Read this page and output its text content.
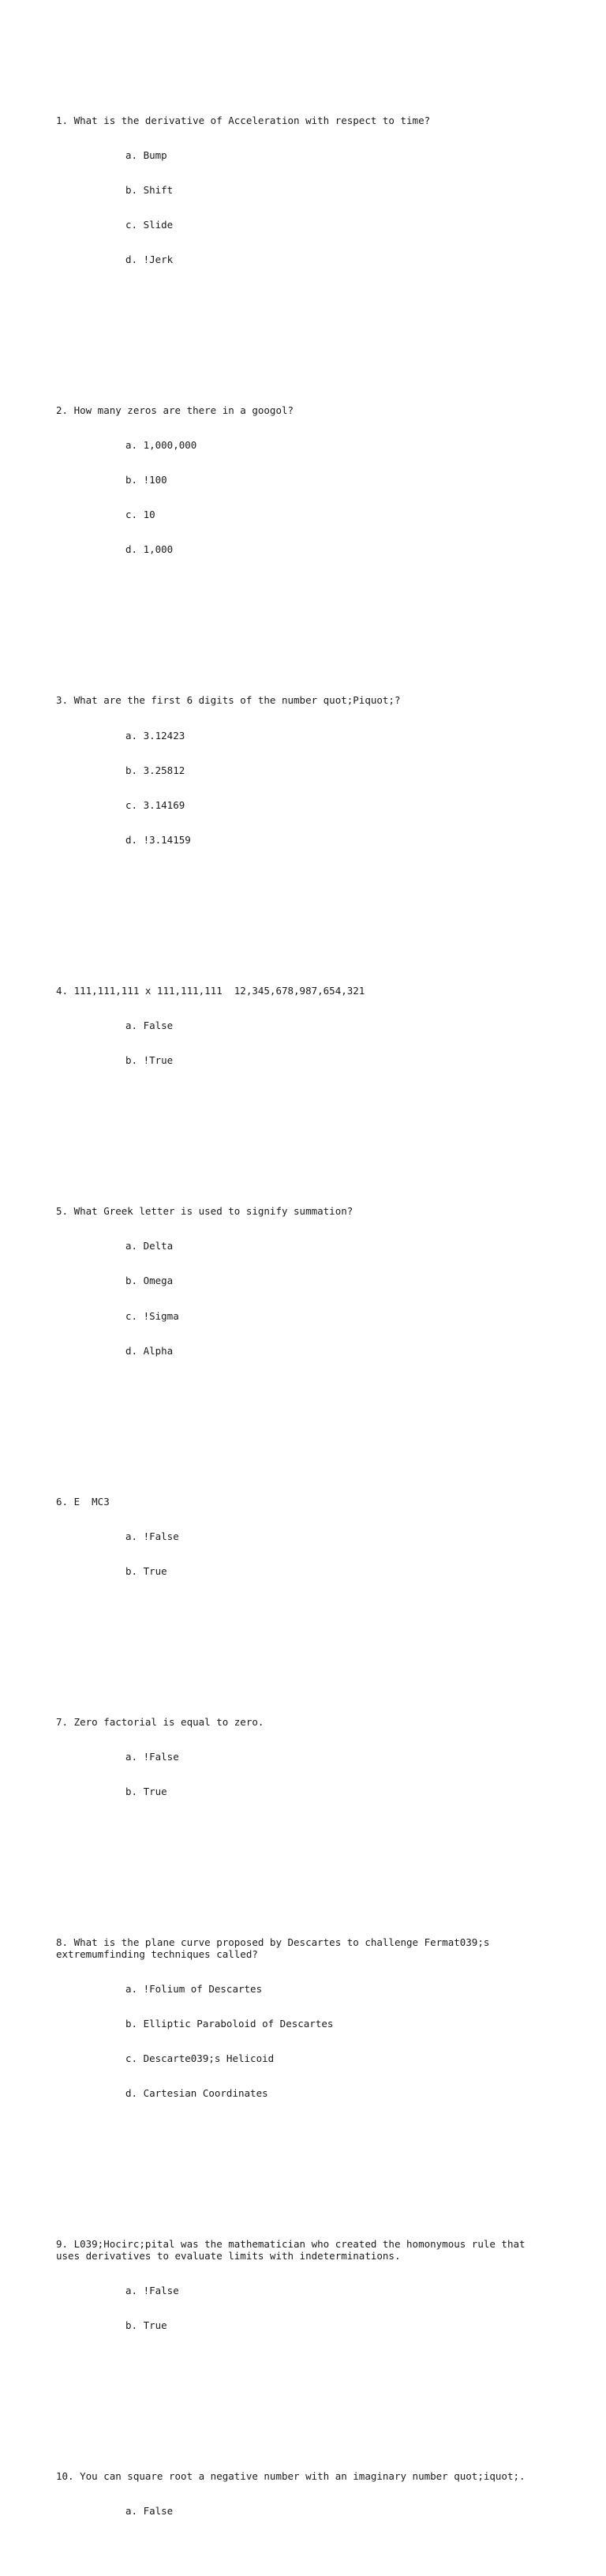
1. What is the derivative of Acceleration with respect to time?

a. Bump

b. Shift

c. Slide

d. !Jerk

2. How many zeros are there in a googol?

a. 1,000,000

b. !100

c. 10

d. 1,000

3. What are the first 6 digits of the number quot;Piquot;?

a. 3.12423

b. 3.25812

c. 3.14169

d. !3.14159

4. 111,111,111 x 111,111,111  12,345,678,987,654,321

a. False

b. !True

5. What Greek letter is used to signify summation?

a. Delta

b. Omega

c. !Sigma

d. Alpha

6. E  MC3

a. !False

b. True

7. Zero factorial is equal to zero.

a. !False

b. True

8. What is the plane curve proposed by Descartes to challenge Fermat039;s
extremumfinding techniques called?

a. !Folium of Descartes

b. Elliptic Paraboloid of Descartes

c. Descarte039;s Helicoid

d. Cartesian Coordinates

9. L039;Hocirc;pital was the mathematician who created the homonymous rule that
uses derivatives to evaluate limits with indeterminations.

a. !False

b. True

10. You can square root a negative number with an imaginary number quot;iquot;.

a. False
